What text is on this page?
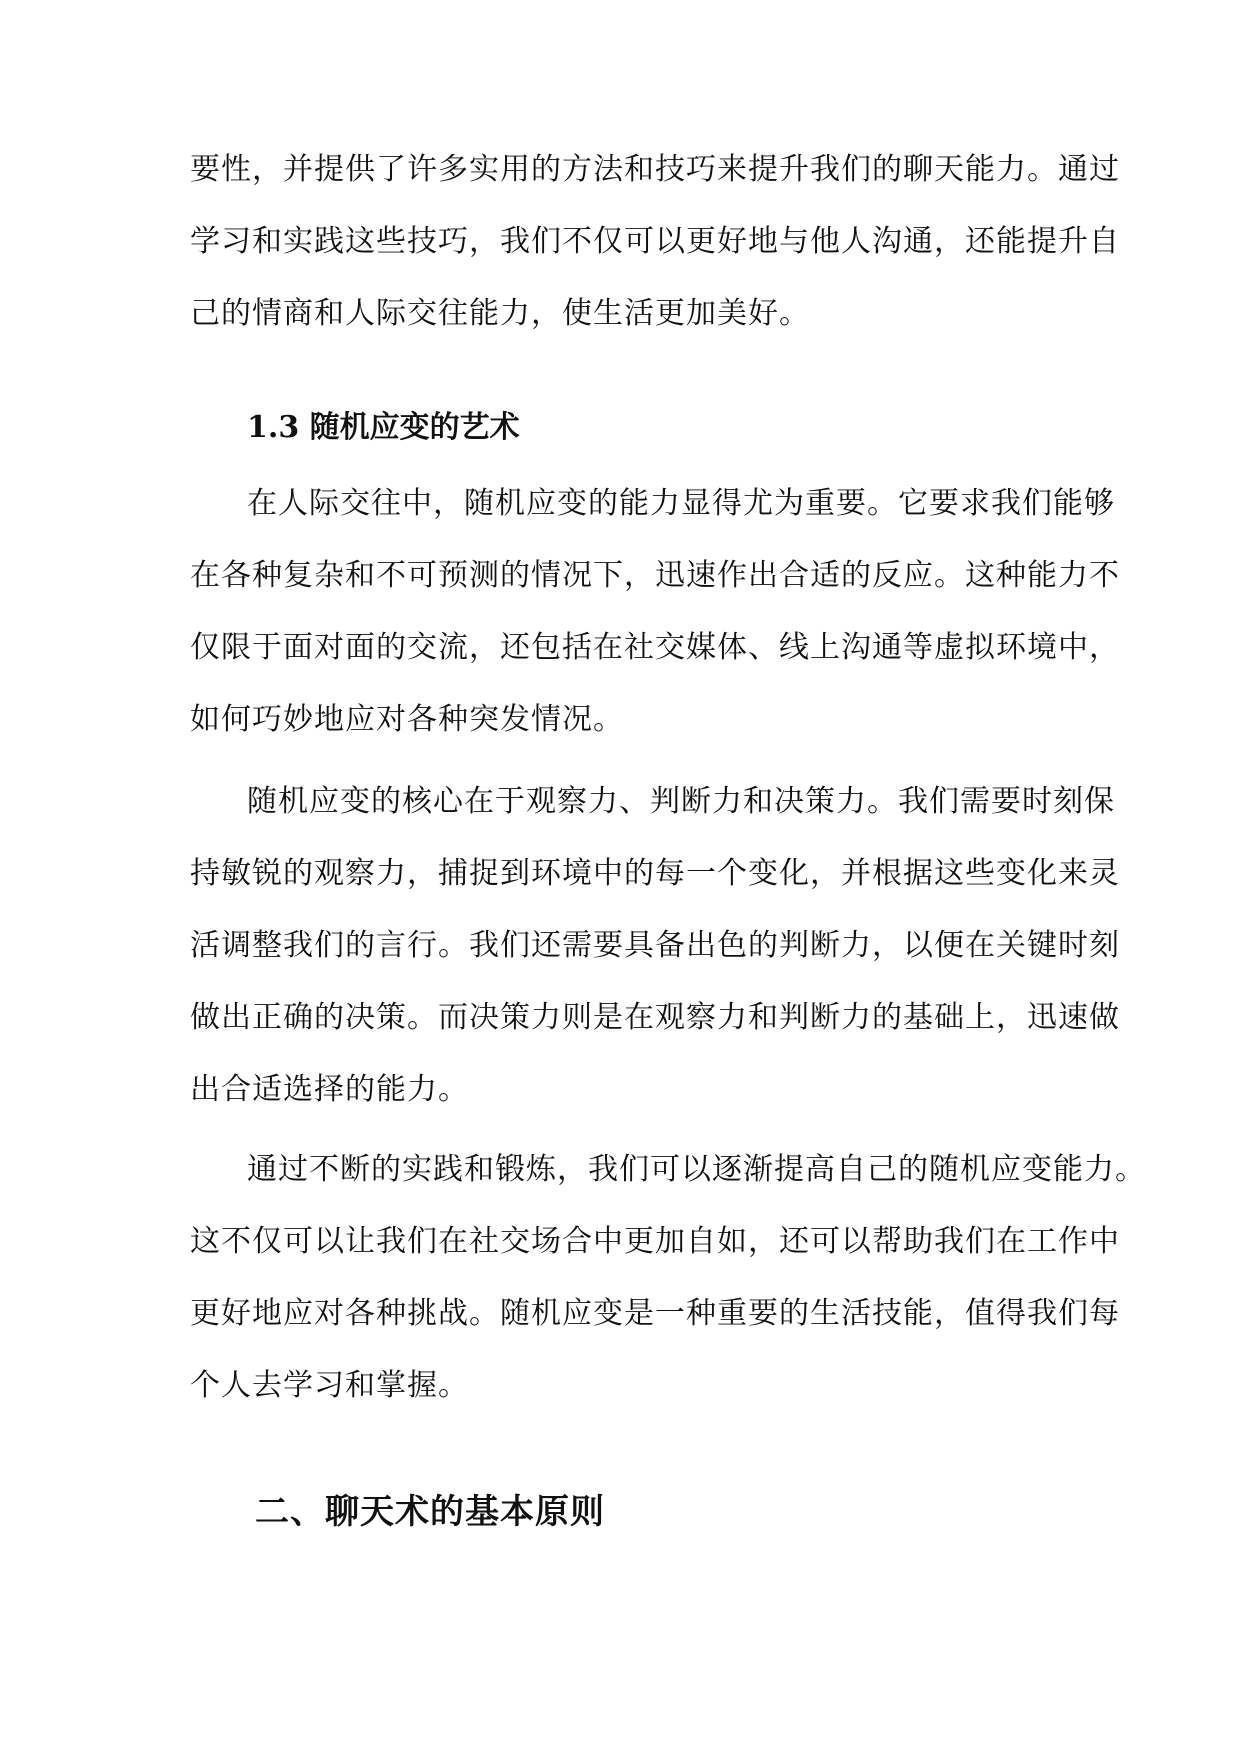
要性，并提供了许多实用的方法和技巧来提升我们的聊天能力。通过
学习和实践这些技巧，我们不仅可以更好地与他人沟通，还能提升自
己的情商和人际交往能力，使生活更加美好。
1.3 随机应变的艺术
在人际交往中，随机应变的能力显得尤为重要。它要求我们能够
在各种复杂和不可预测的情况下，迅速作出合适的反应。这种能力不
仅限于面对面的交流，还包括在社交媒体、线上沟通等虚拟环境中，
如何巧妙地应对各种突发情况。
随机应变的核心在于观察力、判断力和决策力。我们需要时刻保
持敏锐的观察力，捕捉到环境中的每一个变化，并根据这些变化来灵
活调整我们的言行。我们还需要具备出色的判断力，以便在关键时刻
做出正确的决策。而决策力则是在观察力和判断力的基础上，迅速做
出合适选择的能力。
通过不断的实践和锻炼，我们可以逐渐提高自己的随机应变能力。
这不仅可以让我们在社交场合中更加自如，还可以帮助我们在工作中
更好地应对各种挑战。随机应变是一种重要的生活技能，值得我们每
个人去学习和掌握。
二、聊天术的基本原则
